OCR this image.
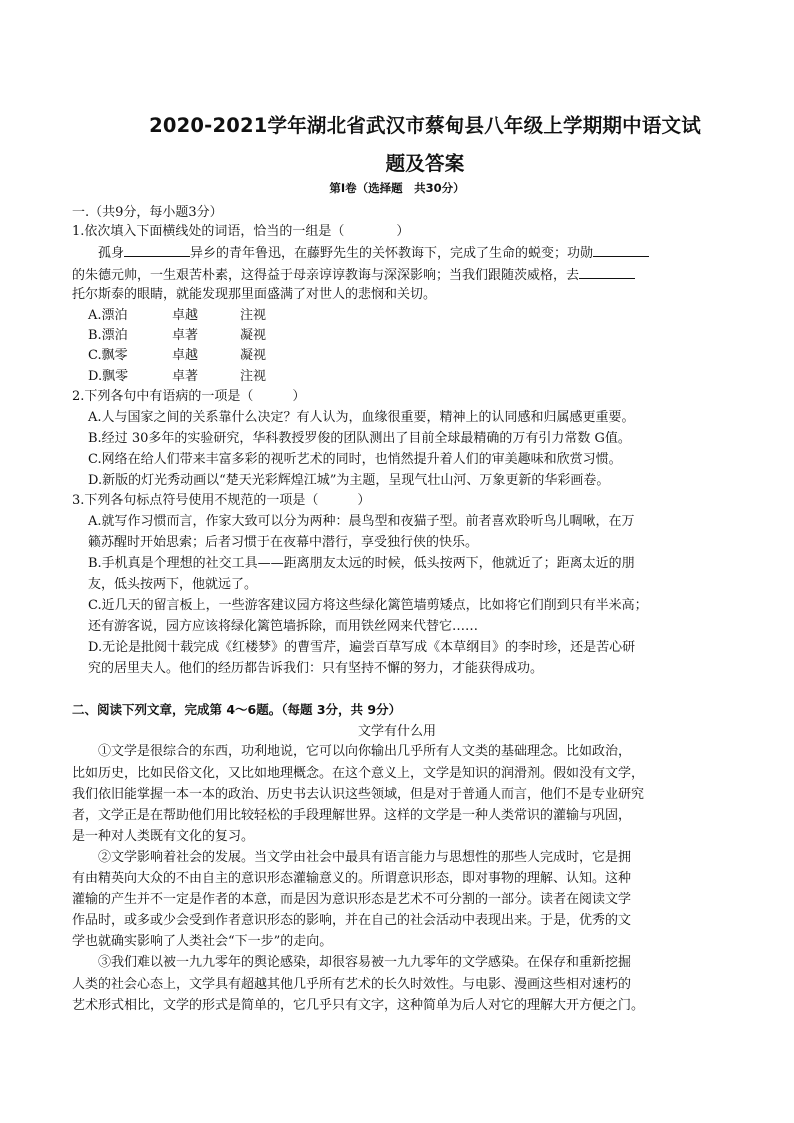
2020-2021学年湖北省武汉市蔡甸县八年级上学期期中语文试
题及答案
第Ⅰ卷（选择题　共30分）
一.（共9分，每小题3分）
1.依次填入下面横线处的词语，恰当的一组是（　　　　）
孤身	异乡的青年鲁迅，在藤野先生的关怀教诲下，完成了生命的蜕变；功勋
的朱德元帅，一生艰苦朴素，这得益于母亲谆谆教诲与深深影响；当我们跟随茨威格，去
托尔斯泰的眼睛，就能发现那里面盛满了对世人的悲悯和关切。
A.漂泊	卓越	注视
B.漂泊	卓著	凝视
C.飘零	卓越	凝视
D.飘零	卓著	注视
2.下列各句中有语病的一项是（　　　）
A.人与国家之间的关系靠什么决定？有人认为，血缘很重要，精神上的认同感和归属感更重要。
B.经过 30多年的实验研究，华科教授罗俊的团队测出了目前全球最精确的万有引力常数 G值。
C.网络在给人们带来丰富多彩的视听艺术的同时，也悄然提升着人们的审美趣味和欣赏习惯。
D.新版的灯光秀动画以“楚天光彩辉煌江城”为主题，呈现气壮山河、万象更新的华彩画卷。
3.下列各句标点符号使用不规范的一项是（　　　）
A.就写作习惯而言，作家大致可以分为两种：晨鸟型和夜猫子型。前者喜欢聆听鸟儿啁啾，在万
籁苏醒时开始思索；后者习惯于在夜幕中潜行，享受独行侠的快乐。
B.手机真是个理想的社交工具——距离朋友太远的时候，低头按两下，他就近了；距离太近的朋
友，低头按两下，他就远了。
C.近几天的留言板上，一些游客建议园方将这些绿化篱笆墙剪矮点，比如将它们削到只有半米高；
还有游客说，园方应该将绿化篱笆墙拆除，而用铁丝网来代替它……
D.无论是批阅十载完成《红楼梦》的曹雪芹，遍尝百草写成《本草纲目》的李时珍，还是苦心研
究的居里夫人。他们的经历都告诉我们：只有坚持不懈的努力，才能获得成功。
二、阅读下列文章，完成第 4～6题。（每题 3分，共 9分）
文学有什么用
①文学是很综合的东西，功利地说，它可以向你输出几乎所有人文类的基础理念。比如政治，
比如历史，比如民俗文化，又比如地理概念。在这个意义上，文学是知识的润滑剂。假如没有文学，
我们依旧能掌握一本一本的政治、历史书去认识这些领域，但是对于普通人而言，他们不是专业研究
者，文学正是在帮助他们用比较轻松的手段理解世界。这样的文学是一种人类常识的灌输与巩固，
是一种对人类既有文化的复习。
②文学影响着社会的发展。当文学由社会中最具有语言能力与思想性的那些人完成时，它是拥
有由精英向大众的不由自主的意识形态灌输意义的。所谓意识形态，即对事物的理解、认知。这种
灌输的产生并不一定是作者的本意，而是因为意识形态是艺术不可分割的一部分。读者在阅读文学
作品时，或多或少会受到作者意识形态的影响，并在自己的社会活动中表现出来。于是，优秀的文
学也就确实影响了人类社会“下一步”的走向。
③我们难以被一九九零年的舆论感染，却很容易被一九九零年的文学感染。在保存和重新挖掘
人类的社会心态上，文学具有超越其他几乎所有艺术的长久时效性。与电影、漫画这些相对速朽的
艺术形式相比，文学的形式是简单的，它几乎只有文字，这种简单为后人对它的理解大开方便之门。
